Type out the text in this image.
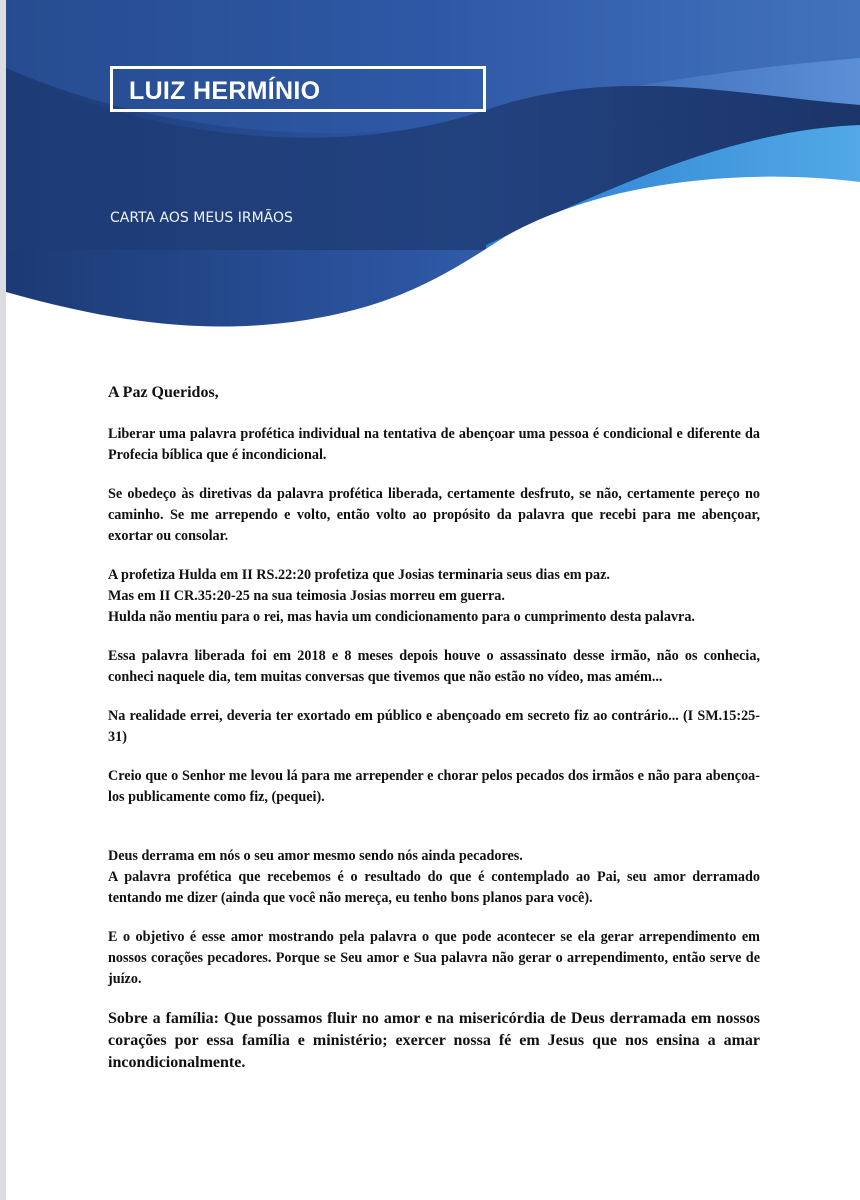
LUIZ HERMÍNIO
CARTA AOS MEUS IRMÃOS
A Paz Queridos,
Liberar uma palavra profética individual na tentativa de abençoar uma pessoa é condicional e diferente da Profecia bíblica que é incondicional.
Se obedeço às diretivas da palavra profética liberada, certamente desfruto, se não, certamente pereço no caminho. Se me arrependo e volto, então volto ao propósito da palavra que recebi para me abençoar, exortar ou consolar.
A profetiza Hulda em II RS.22:20 profetiza que Josias terminaria seus dias em paz.
Mas em II CR.35:20-25 na sua teimosia Josias morreu em guerra.
Hulda não mentiu para o rei, mas havia um condicionamento para o cumprimento desta palavra.
Essa palavra liberada foi em 2018 e 8 meses depois houve o assassinato desse irmão, não os conhecia, conheci naquele dia, tem muitas conversas que tivemos que não estão no vídeo, mas amém...
Na realidade errei, deveria ter exortado em público e abençoado em secreto fiz ao contrário... (I SM.15:25-31)
Creio que o Senhor me levou lá para me arrepender e chorar pelos pecados dos irmãos e não para abençoa-los publicamente como fiz, (pequei).
Deus derrama em nós o seu amor mesmo sendo nós ainda pecadores.
A palavra profética que recebemos é o resultado do que é contemplado ao Pai, seu amor derramado tentando me dizer (ainda que você não mereça, eu tenho bons planos para você).
E o objetivo é esse amor mostrando pela palavra o que pode acontecer se ela gerar arrependimento em nossos corações pecadores. Porque se Seu amor e Sua palavra não gerar o arrependimento, então serve de juízo.
Sobre a família: Que possamos fluir no amor e na misericórdia de Deus derramada em nossos corações por essa família e ministério; exercer nossa fé em Jesus que nos ensina a amar incondicionalmente.
